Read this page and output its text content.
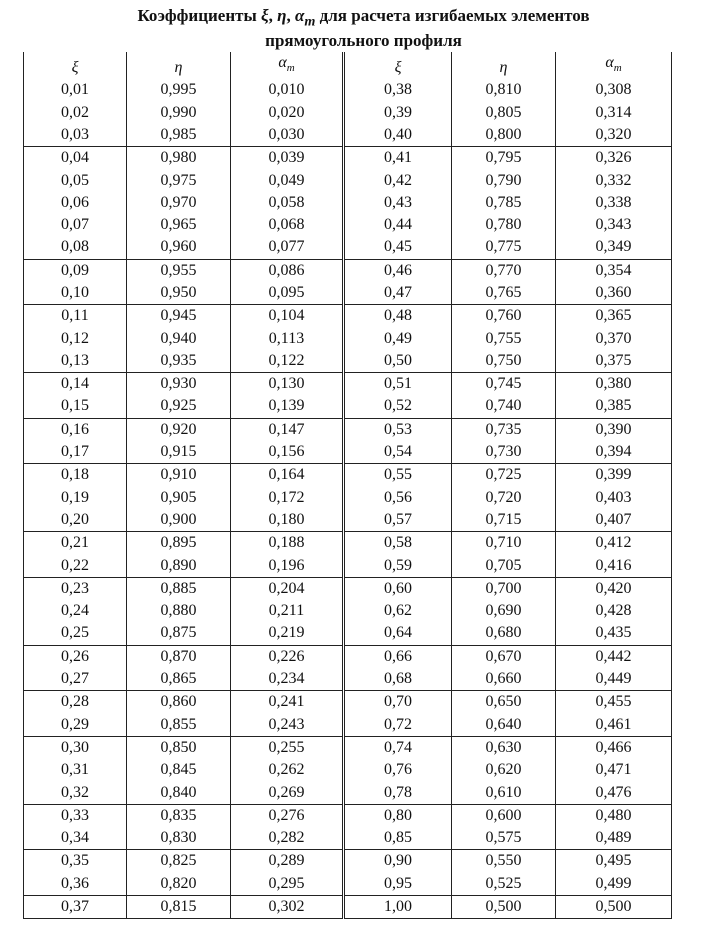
Коэффициенты ξ, η, $\alpha_m$ для расчета изгибаемых элементов
прямоугольного профиля
ξ	η	$\alpha_m$	ξ	η	$\alpha_m$
0,01	0,995	0,010	0,38	0,810	0,308
0,02	0,990	0,020	0,39	0,805	0,314
0,03	0,985	0,030	0,40	0,800	0,320
0,04	0,980	0,039	0,41	0,795	0,326
0,05	0,975	0,049	0,42	0,790	0,332
0,06	0,970	0,058	0,43	0,785	0,338
0,07	0,965	0,068	0,44	0,780	0,343
0,08	0,960	0,077	0,45	0,775	0,349
0,09	0,955	0,086	0,46	0,770	0,354
0,10	0,950	0,095	0,47	0,765	0,360
0,11	0,945	0,104	0,48	0,760	0,365
0,12	0,940	0,113	0,49	0,755	0,370
0,13	0,935	0,122	0,50	0,750	0,375
0,14	0,930	0,130	0,51	0,745	0,380
0,15	0,925	0,139	0,52	0,740	0,385
0,16	0,920	0,147	0,53	0,735	0,390
0,17	0,915	0,156	0,54	0,730	0,394
0,18	0,910	0,164	0,55	0,725	0,399
0,19	0,905	0,172	0,56	0,720	0,403
0,20	0,900	0,180	0,57	0,715	0,407
0,21	0,895	0,188	0,58	0,710	0,412
0,22	0,890	0,196	0,59	0,705	0,416
0,23	0,885	0,204	0,60	0,700	0,420
0,24	0,880	0,211	0,62	0,690	0,428
0,25	0,875	0,219	0,64	0,680	0,435
0,26	0,870	0,226	0,66	0,670	0,442
0,27	0,865	0,234	0,68	0,660	0,449
0,28	0,860	0,241	0,70	0,650	0,455
0,29	0,855	0,243	0,72	0,640	0,461
0,30	0,850	0,255	0,74	0,630	0,466
0,31	0,845	0,262	0,76	0,620	0,471
0,32	0,840	0,269	0,78	0,610	0,476
0,33	0,835	0,276	0,80	0,600	0,480
0,34	0,830	0,282	0,85	0,575	0,489
0,35	0,825	0,289	0,90	0,550	0,495
0,36	0,820	0,295	0,95	0,525	0,499
0,37	0,815	0,302	1,00	0,500	0,500
